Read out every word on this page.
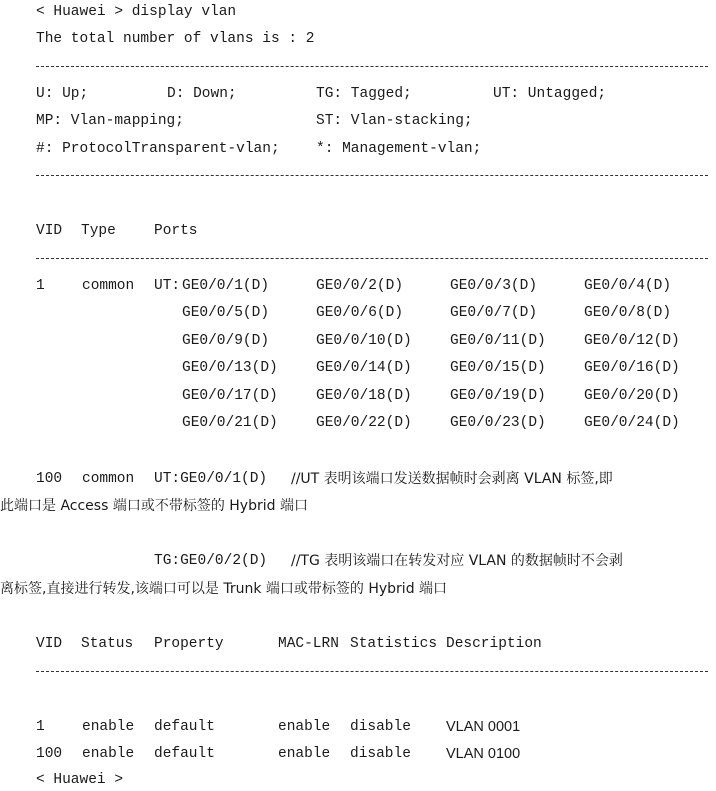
< Huawei > display vlan
The total number of vlans is : 2
U: Up;	D: Down;	TG: Tagged;	UT: Untagged;
MP: Vlan-mapping;	ST: Vlan-stacking;
#: ProtocolTransparent-vlan;	*: Management-vlan;
VID Type	Ports
1	common UT: GE0/0/1(D)	GE0/0/2(D)	GE0/0/3(D)	GE0/0/4(D)
GE0/0/5(D)	GE0/0/6(D)	GE0/0/7(D)	GE0/0/8(D)
GE0/0/9(D)	GE0/0/10(D)	GE0/0/11(D)	GE0/0/12(D)
GE0/0/13(D)	GE0/0/14(D)	GE0/0/15(D)	GE0/0/16(D)
GE0/0/17(D)	GE0/0/18(D)	GE0/0/19(D)	GE0/0/20(D)
GE0/0/21(D)	GE0/0/22(D)	GE0/0/23(D)	GE0/0/24(D)
100 common UT:GE0/0/1(D) //UT 表明该端口发送数据帧时会剥离 VLAN 标签,即
此端口是 Access 端口或不带标签的 Hybrid 端口
TG:GE0/0/2(D) //TG 表明该端口在转发对应 VLAN 的数据帧时不会剥
离标签,直接进行转发,该端口可以是 Trunk 端口或带标签的 Hybrid 端口
VID Status Property	MAC-LRN Statistics Description
1	enable default	enable disable VLAN 0001
100 enable default	enable disable VLAN 0100
< Huawei >
